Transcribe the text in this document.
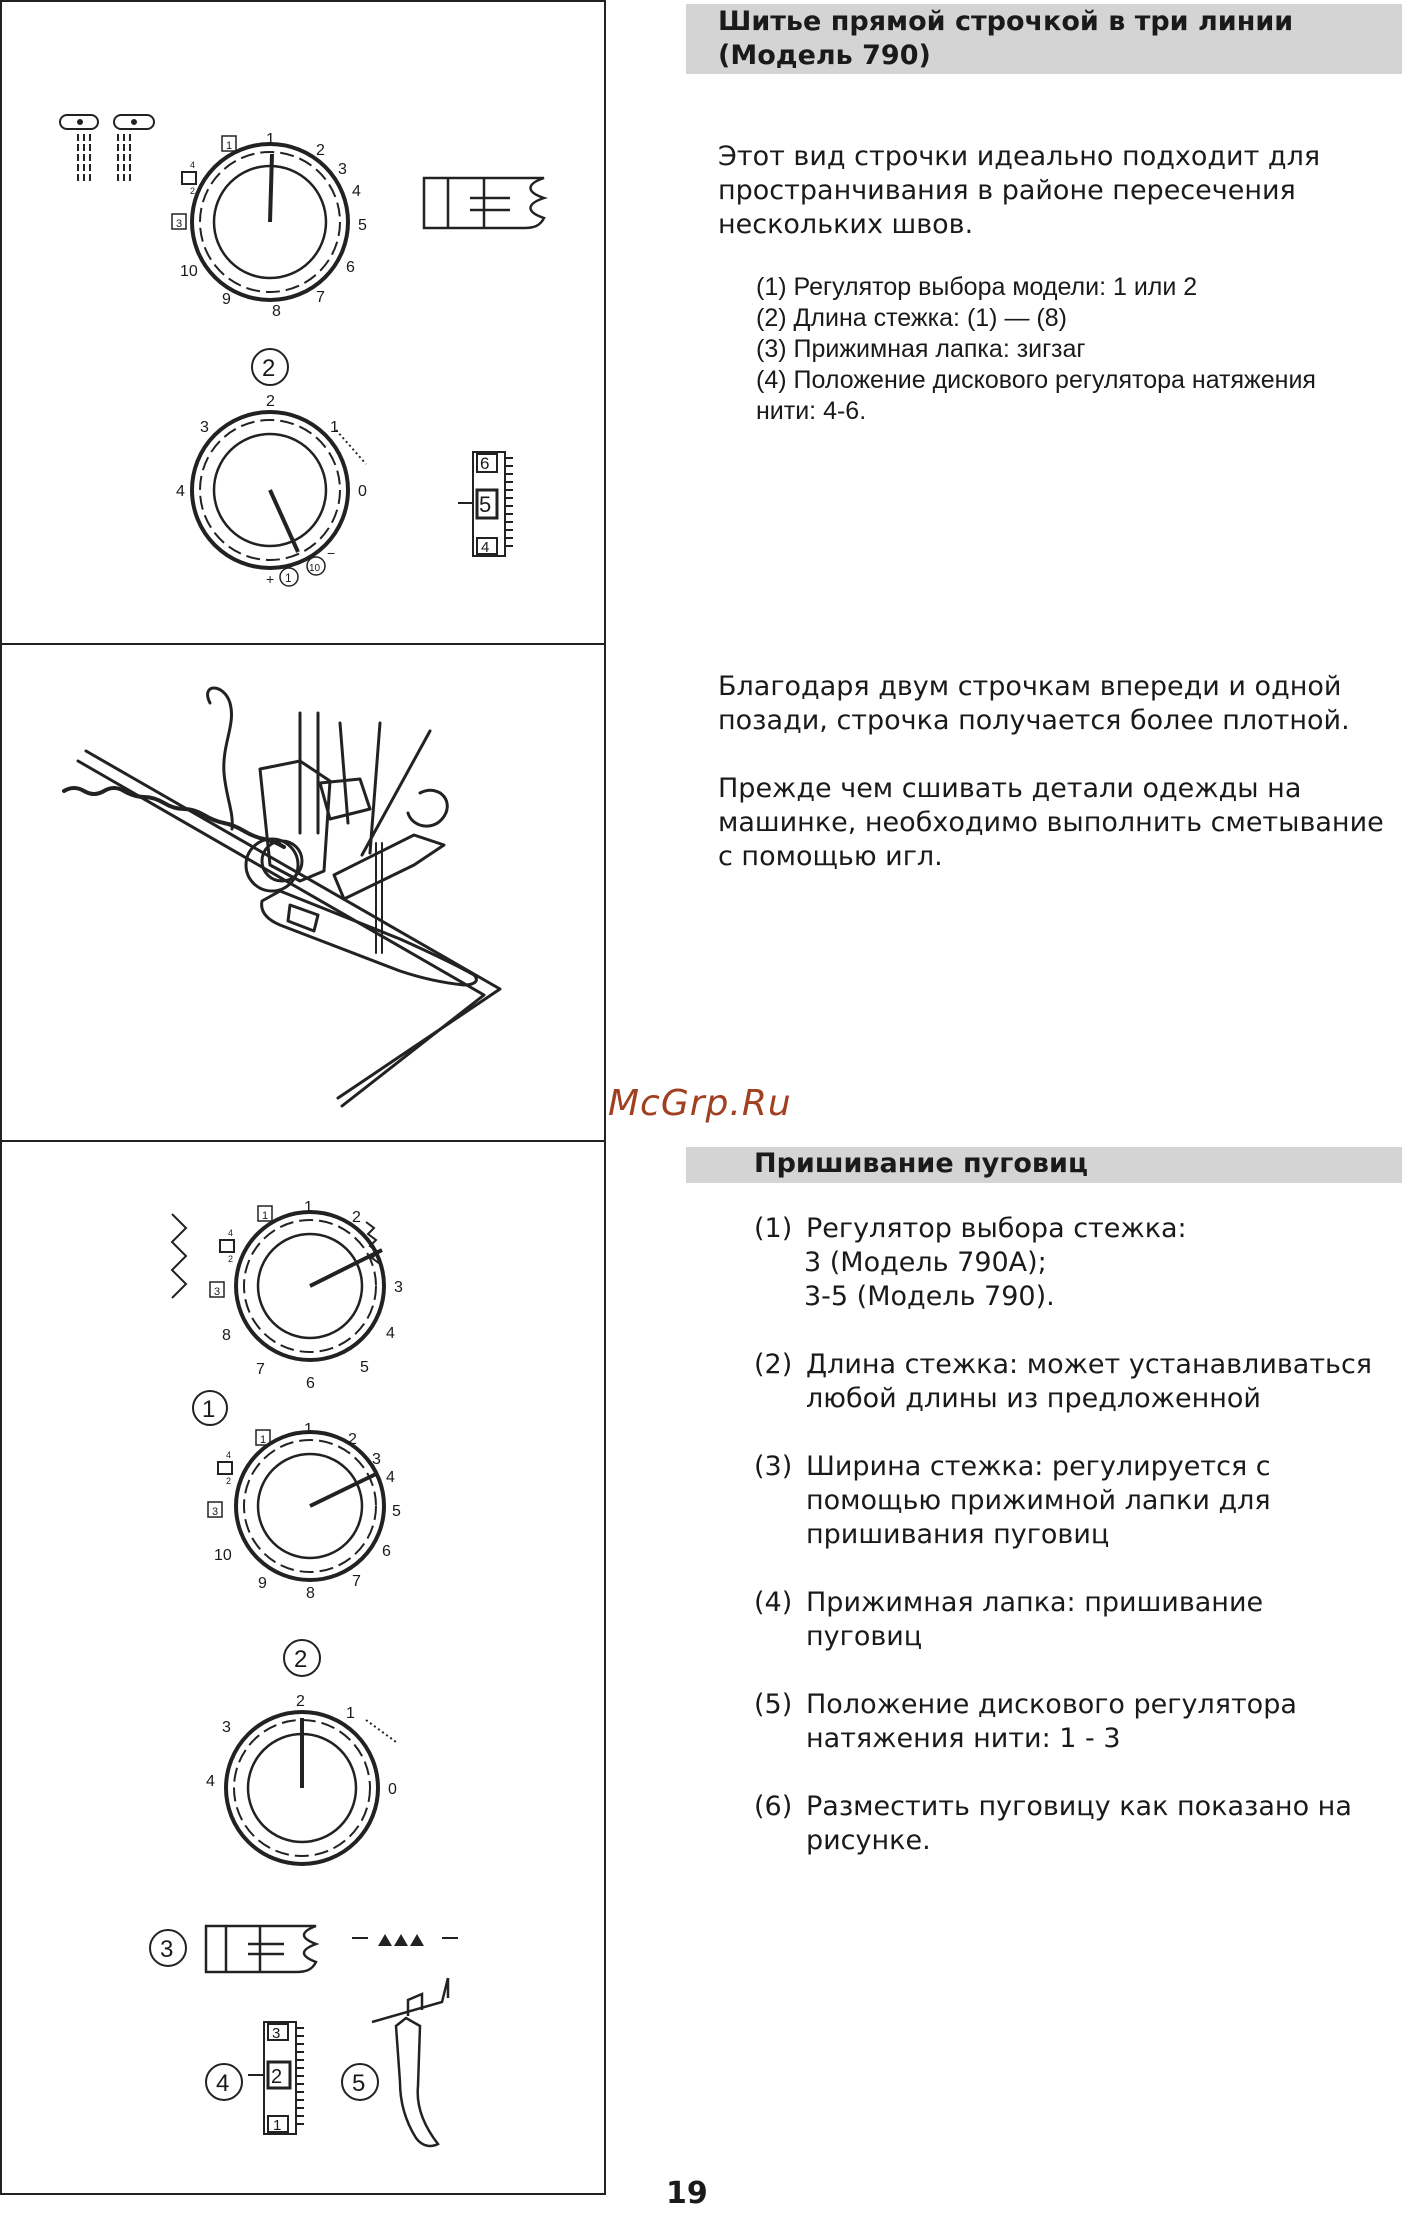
1
2
3
4
5
6
7
8
9
10
1
4
2
3
2
2
1
0
4
3
+ 1
10
−
6
5
4
1
2
3
4
5
6
7
8
1
4
2
3
1
1
2
3
4
5
6
7
8
9
10
1
4
2
3
2
2
1
0
3
4
3
4
3
2
1
5
Шитье прямой строчкой в три линии
(Модель 790)
Этот вид строчки идеально подходит для
пространчивания в районе пересечения
нескольких швов.
(1) Регулятор выбора модели: 1 или 2
(2) Длина стежка: (1) — (8)
(3) Прижимная лапка: зигзаг
(4) Положение дискового регулятора натяжения
нити: 4-6.
Благодаря двум строчкам впереди и одной
позади, строчка получается более плотной.
Прежде чем сшивать детали одежды на
машинке, необходимо выполнить сметывание
с помощью игл.
McGrp.Ru
Пришивание пуговиц
(1) Регулятор выбора стежка:
3 (Модель 790А);
3-5 (Модель 790).
(2) Длина стежка: может устанавливаться
любой длины из предложенной
(3) Ширина стежка: регулируется с
помощью прижимной лапки для
пришивания пуговиц
(4) Прижимная лапка: пришивание
пуговиц
(5) Положение дискового регулятора
натяжения нити: 1 - 3
(6) Разместить пуговицу как показано на
рисунке.
19
